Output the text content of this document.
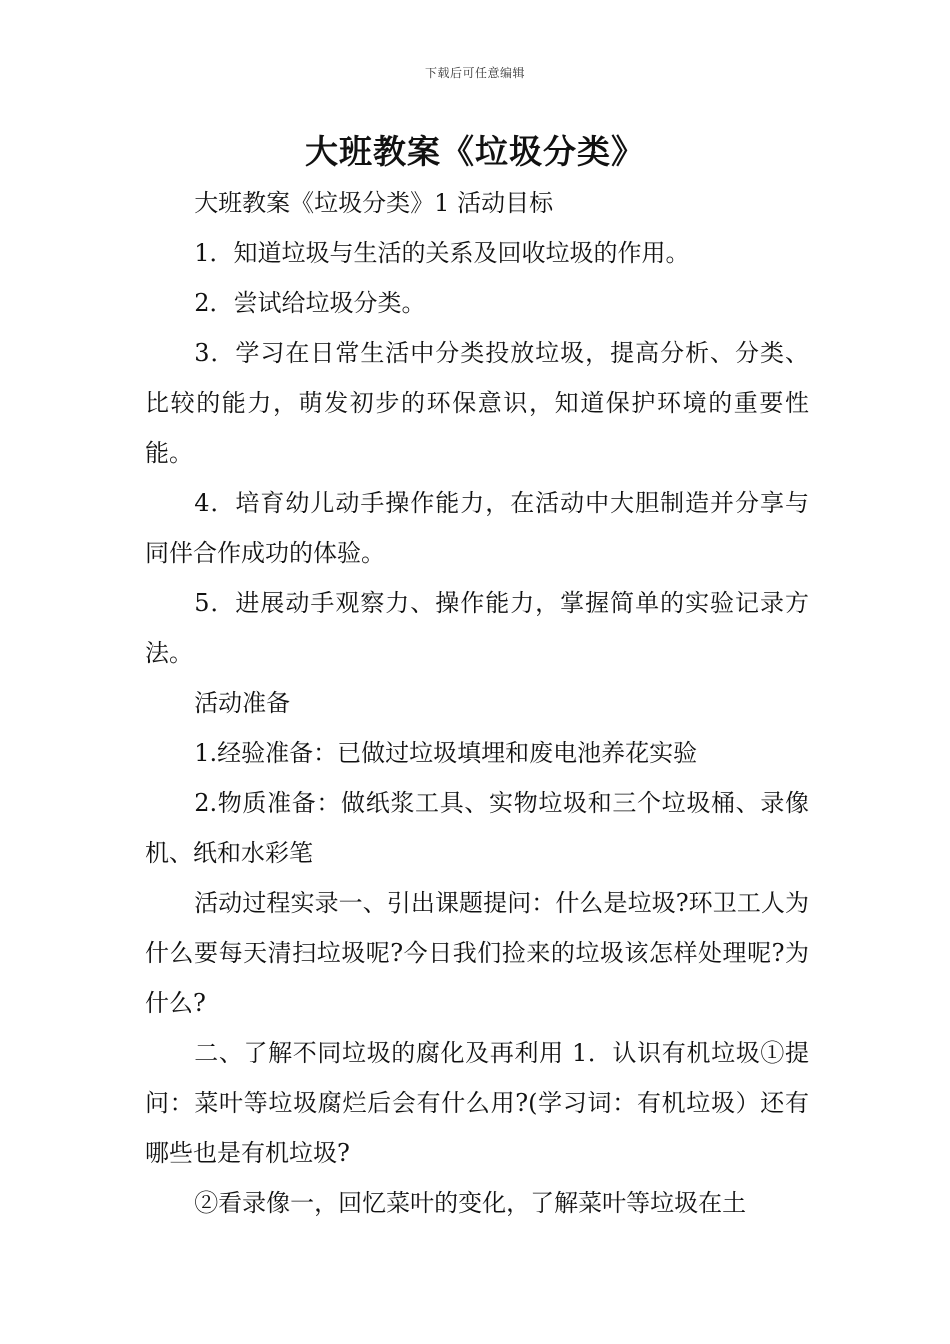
下载后可任意编辑
大班教案《垃圾分类》

大班教案《垃圾分类》1 活动目标

1．知道垃圾与生活的关系及回收垃圾的作用。

2．尝试给垃圾分类。

3．学习在日常生活中分类投放垃圾，提高分析、分类、比较的能力，萌发初步的环保意识，知道保护环境的重要性能。

4．培育幼儿动手操作能力，在活动中大胆制造并分享与同伴合作成功的体验。

5．进展动手观察力、操作能力，掌握简单的实验记录方法。

活动准备

1.经验准备：已做过垃圾填埋和废电池养花实验

2.物质准备：做纸浆工具、实物垃圾和三个垃圾桶、录像机、纸和水彩笔

活动过程实录一、引出课题提问：什么是垃圾?环卫工人为什么要每天清扫垃圾呢?今日我们捡来的垃圾该怎样处理呢?为什么?

二、了解不同垃圾的腐化及再利用 1．认识有机垃圾①提问：菜叶等垃圾腐烂后会有什么用?(学习词：有机垃圾）还有哪些也是有机垃圾?

②看录像一，回忆菜叶的变化，了解菜叶等垃圾在土
